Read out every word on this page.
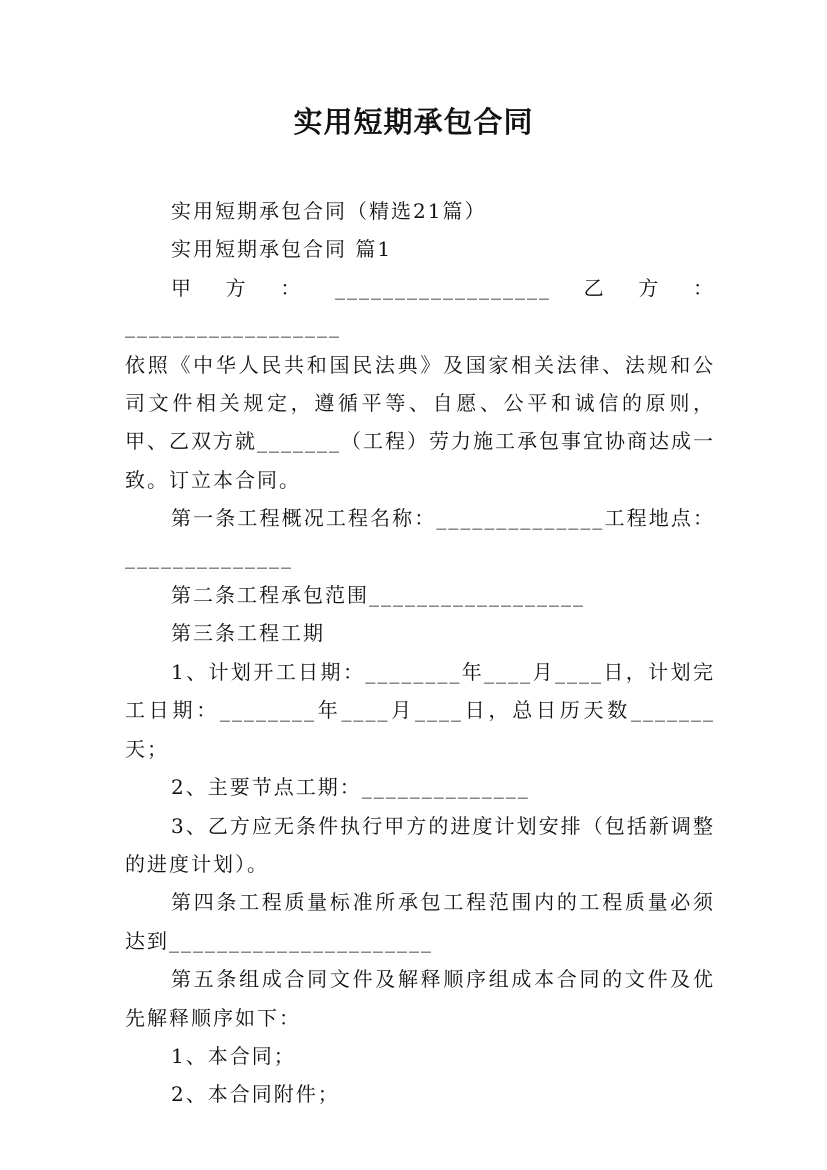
实用短期承包合同

实用短期承包合同（精选21篇）

实用短期承包合同 篇1

甲方：__________________乙方：__________________

依照《中华人民共和国民法典》及国家相关法律、法规和公司文件相关规定，遵循平等、自愿、公平和诚信的原则，甲、乙双方就_______（工程）劳力施工承包事宜协商达成一致。订立本合同。

第一条工程概况工程名称：______________工程地点：______________

第二条工程承包范围__________________

第三条工程工期

1、计划开工日期：________年____月____日，计划完工日期：________年____月____日，总日历天数_______天；

2、主要节点工期：______________

3、乙方应无条件执行甲方的进度计划安排（包括新调整的进度计划）。

第四条工程质量标准所承包工程范围内的工程质量必须达到______________________

第五条组成合同文件及解释顺序组成本合同的文件及优先解释顺序如下：

1、本合同；

2、本合同附件；
